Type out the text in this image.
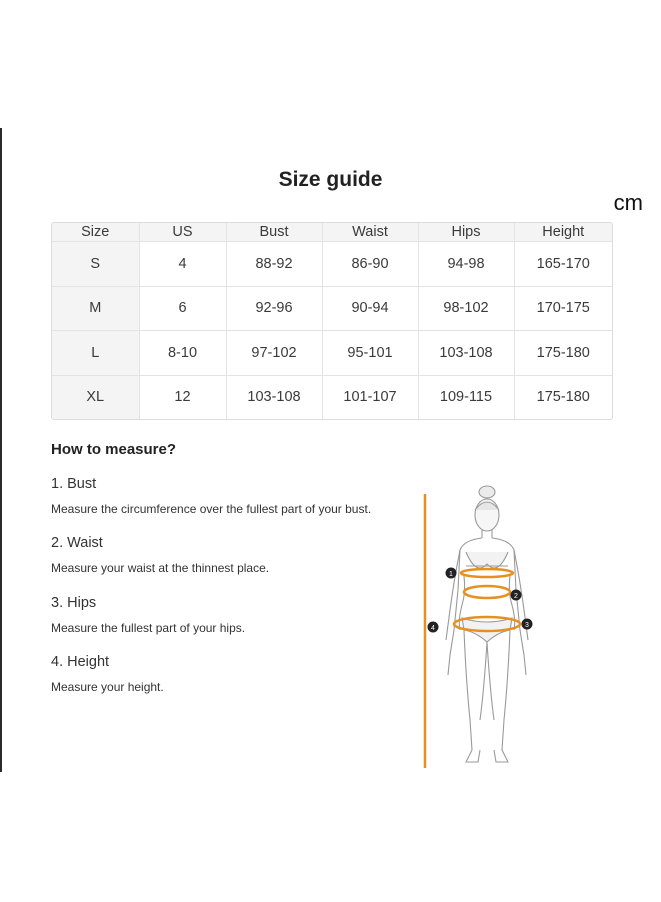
Size guide
cm
Size	US	Bust	Waist	Hips	Height
S	4	88-92	86-90	94-98	165-170
M	6	92-96	90-94	98-102	170-175
L	8-10	97-102	95-101	103-108	175-180
XL	12	103-108	101-107	109-115	175-180
How to measure?
1. Bust
Measure the circumference over the fullest part of your bust.
2. Waist
Measure your waist at the thinnest place.
3. Hips
Measure the fullest part of your hips.
4. Height
Measure your height.
1
2
3
4
